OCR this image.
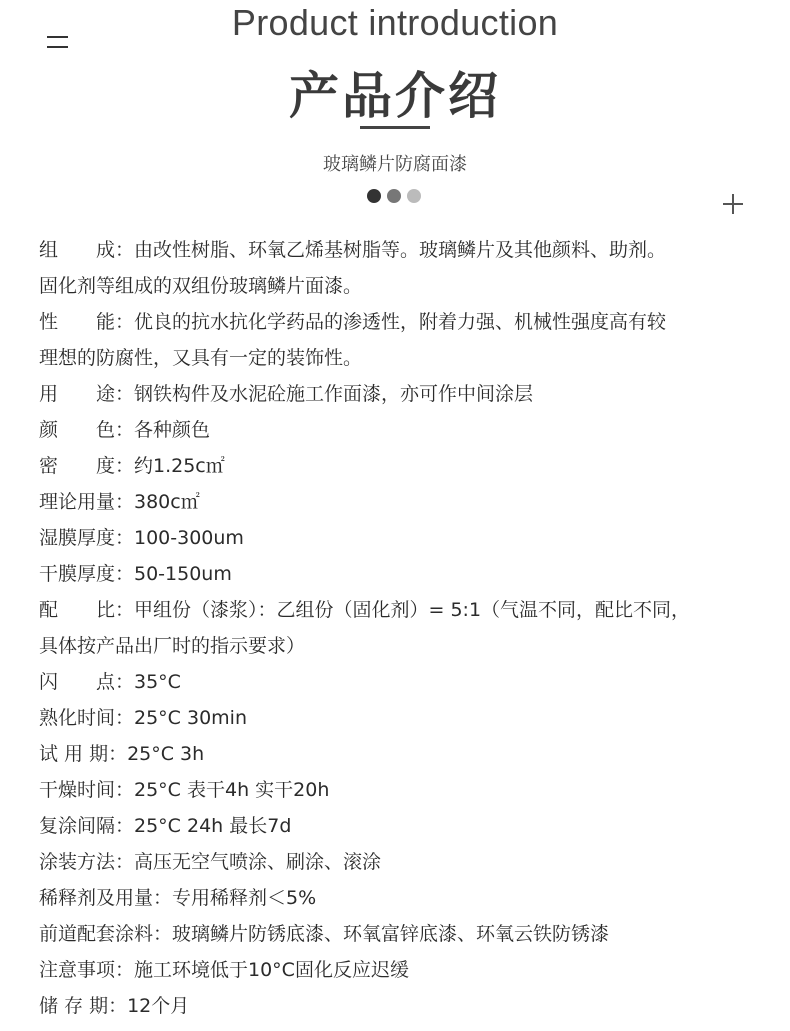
Product introduction
产品介绍
玻璃鳞片防腐面漆
组　　成：由改性树脂、环氧乙烯基树脂等。玻璃鳞片及其他颜料、助剂。
固化剂等组成的双组份玻璃鳞片面漆。
性　　能：优良的抗水抗化学药品的渗透性，附着力强、机械性强度高有较
理想的防腐性，又具有一定的装饰性。
用　　途：钢铁构件及水泥砼施工作面漆，亦可作中间涂层
颜　　色：各种颜色
密　　度：约1.25c㎡
理论用量：380c㎡
湿膜厚度：100-300um
干膜厚度：50-150um
配　　比：甲组份（漆浆）：乙组份（固化剂）= 5:1（气温不同，配比不同，
具体按产品出厂时的指示要求）
闪　　点：35°C
熟化时间：25°C 30min
试 用 期：25°C 3h
干燥时间：25°C 表干4h 实干20h
复涂间隔：25°C 24h 最长7d
涂装方法：高压无空气喷涂、刷涂、滚涂
稀释剂及用量：专用稀释剂＜5%
前道配套涂料：玻璃鳞片防锈底漆、环氧富锌底漆、环氧云铁防锈漆
注意事项：施工环境低于10°C固化反应迟缓
储 存 期：12个月
